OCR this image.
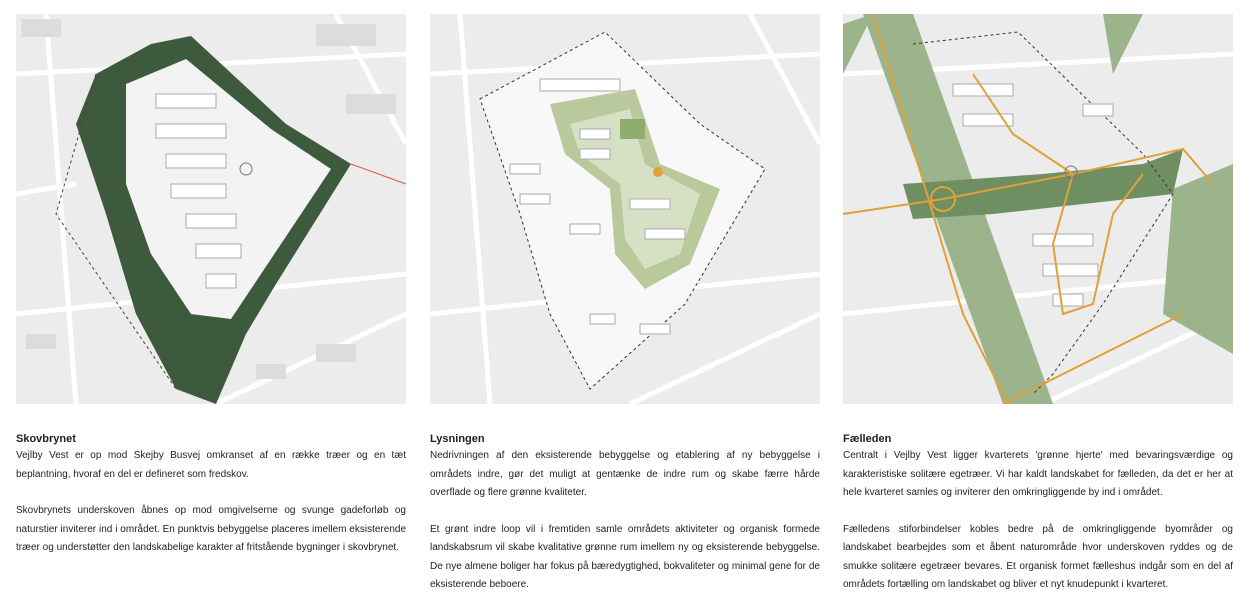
Skovbrynet
Vejlby Vest er op mod Skejby Busvej omkranset af en række træer og en tæt beplantning, hvoraf en del er defineret som fredskov.
Skovbrynets underskoven åbnes op mod omgivelserne og svunge gadeforløb og naturstier inviterer ind i området. En punktvis bebyggelse placeres imellem eksisterende træer og understøtter den landskabelige karakter af fritstående bygninger i skovbrynet.
Lysningen
Nedrivningen af den eksisterende bebyggelse og etablering af ny bebyggelse i områdets indre, gør det muligt at gentænke de indre rum og skabe færre hårde overflade og flere grønne kvaliteter.
Et grønt indre loop vil i fremtiden samle områdets aktiviteter og organisk formede landskabsrum vil skabe kvalitative grønne rum imellem ny og eksisterende bebyggelse. De nye almene boliger har fokus på bæredygtighed, bokvaliteter og minimal gene for de eksisterende beboere.
Fælleden
Centralt i Vejlby Vest ligger kvarterets 'grønne hjerte' med bevaringsværdige og karakteristiske solitære egetræer. Vi har kaldt landskabet for fælleden, da det er her at hele kvarteret samles og inviterer den omkringliggende by ind i området.
Fælledens stiforbindelser kobles bedre på de omkringliggende byområder og landskabet bearbejdes som et åbent naturområde hvor underskoven ryddes og de smukke solitære egetræer bevares. Et organisk formet fælleshus indgår som en del af områdets fortælling om landskabet og bliver et nyt knudepunkt i kvarteret.
